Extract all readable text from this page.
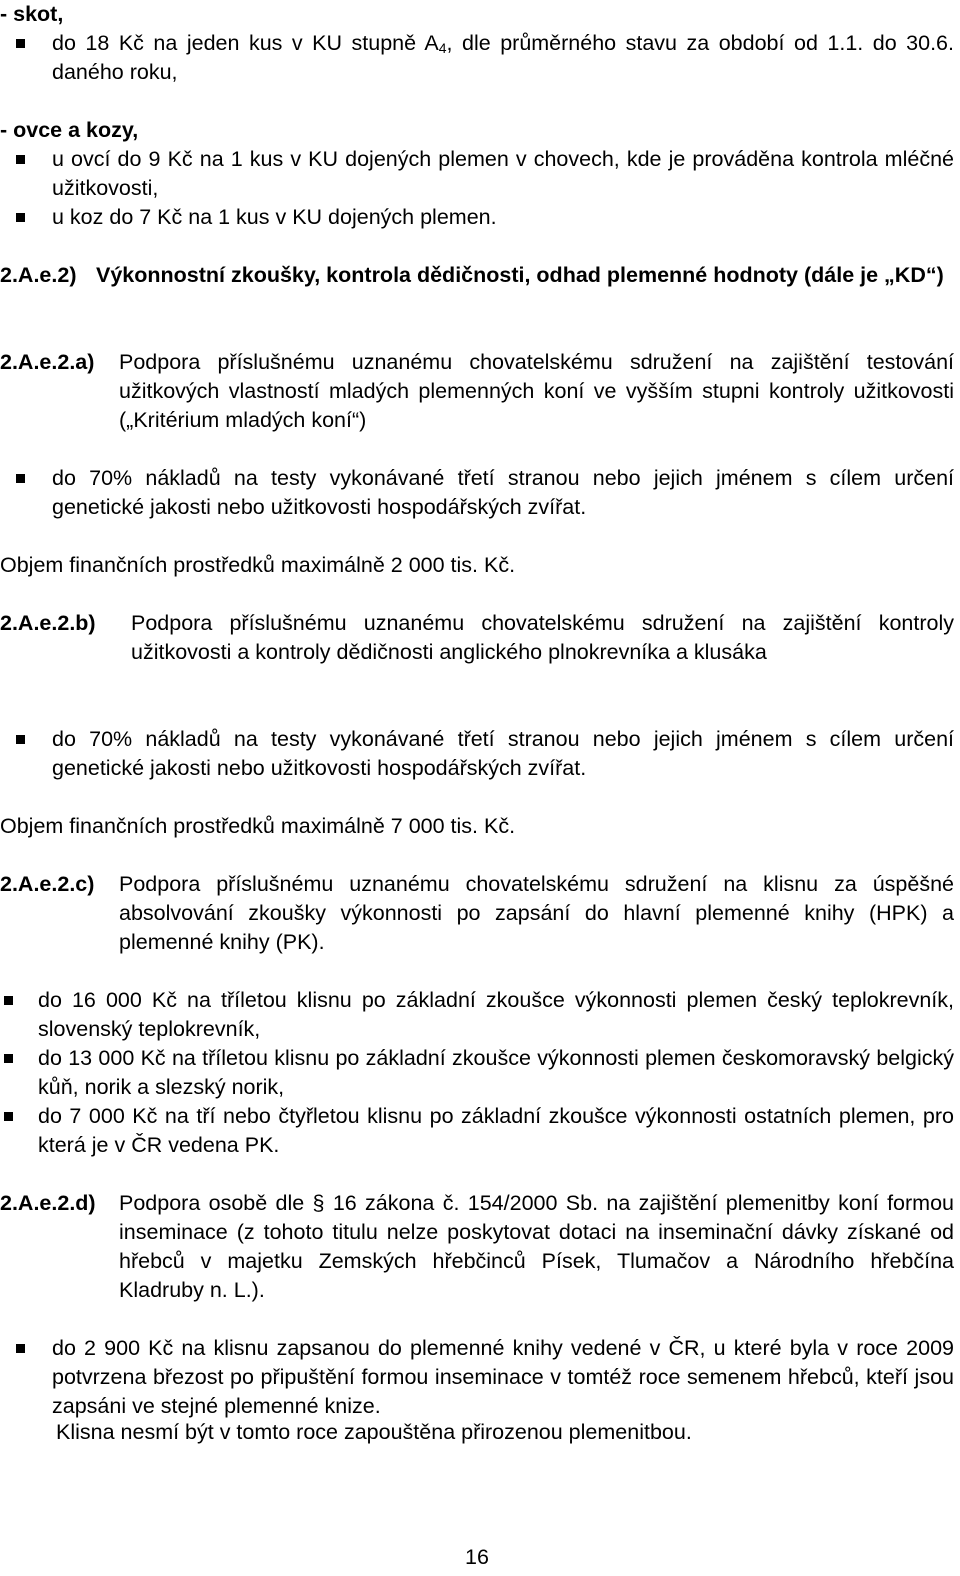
- skot,
do 18 Kč na jeden kus v KU stupně $A_4$, dle průměrného stavu za období od 1.1. do 30.6. daného roku,
- ovce a kozy,
u ovcí do 9 Kč na 1 kus v KU dojených plemen v chovech, kde je prováděna kontrola mléčné užitkovosti,
u koz do 7 Kč na 1 kus v KU dojených plemen.
2.A.e.2) Výkonnostní zkoušky, kontrola dědičnosti, odhad plemenné hodnoty (dále je „KD“)
2.A.e.2.a) Podpora příslušnému uznanému chovatelskému sdružení na zajištění testování užitkových vlastností mladých plemenných koní ve vyšším stupni kontroly užitkovosti („Kritérium mladých koní“)
do 70% nákladů na testy vykonávané třetí stranou nebo jejich jménem s cílem určení genetické jakosti nebo užitkovosti hospodářských zvířat.
Objem finančních prostředků maximálně 2 000 tis. Kč.
2.A.e.2.b) Podpora příslušnému uznanému chovatelskému sdružení na zajištění kontroly užitkovosti a kontroly dědičnosti anglického plnokrevníka a klusáka
do 70% nákladů na testy vykonávané třetí stranou nebo jejich jménem s cílem určení genetické jakosti nebo užitkovosti hospodářských zvířat.
Objem finančních prostředků maximálně 7 000 tis. Kč.
2.A.e.2.c) Podpora příslušnému uznanému chovatelskému sdružení na klisnu za úspěšné absolvování zkoušky výkonnosti po zapsání do hlavní plemenné knihy (HPK) a plemenné knihy (PK).
do 16 000 Kč na tříletou klisnu po základní zkoušce výkonnosti plemen český teplokrevník, slovenský teplokrevník,
do 13 000 Kč na tříletou klisnu po základní zkoušce výkonnosti plemen českomoravský belgický kůň, norik a slezský norik,
do 7 000 Kč na tří nebo čtyřletou klisnu po základní zkoušce výkonnosti ostatních plemen, pro která je v ČR vedena PK.
2.A.e.2.d) Podpora osobě dle § 16 zákona č. 154/2000 Sb. na zajištění plemenitby koní formou inseminace (z tohoto titulu nelze poskytovat dotaci na inseminační dávky získané od hřebců v majetku Zemských hřebčinců Písek, Tlumačov a Národního hřebčína Kladruby n. L.).
do 2 900 Kč na klisnu zapsanou do plemenné knihy vedené v ČR, u které byla v roce 2009 potvrzena březost po připuštění formou inseminace v tomtéž roce semenem hřebců, kteří jsou zapsáni ve stejné plemenné knize.
Klisna nesmí být v tomto roce zapouštěna přirozenou plemenitbou.
16
